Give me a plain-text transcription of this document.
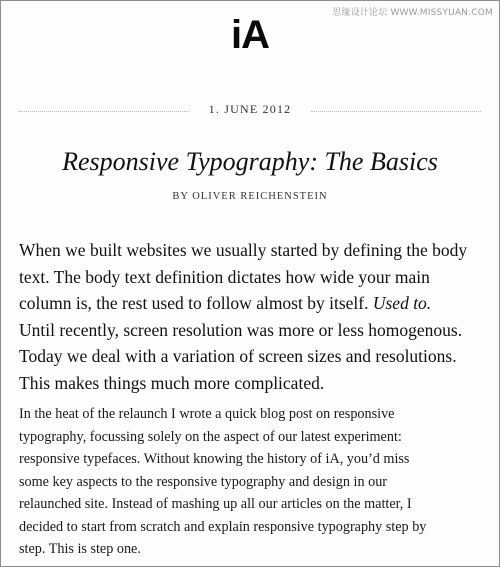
思缘设计论坛 WWW.MISSYUAN.COM
iA
1. JUNE 2012
Responsive Typography: The Basics
BY OLIVER REICHENSTEIN

When we built websites we usually started by defining the body
text. The body text definition dictates how wide your main
column is, the rest used to follow almost by itself. Used to.
Until recently, screen resolution was more or less homogenous.
Today we deal with a variation of screen sizes and resolutions.
This makes things much more complicated.

In the heat of the relaunch I wrote a quick blog post on responsive
typography, focussing solely on the aspect of our latest experiment:
responsive typefaces. Without knowing the history of iA, you’d miss
some key aspects to the responsive typography and design in our
relaunched site. Instead of mashing up all our articles on the matter, I
decided to start from scratch and explain responsive typography step by
step. This is step one.
